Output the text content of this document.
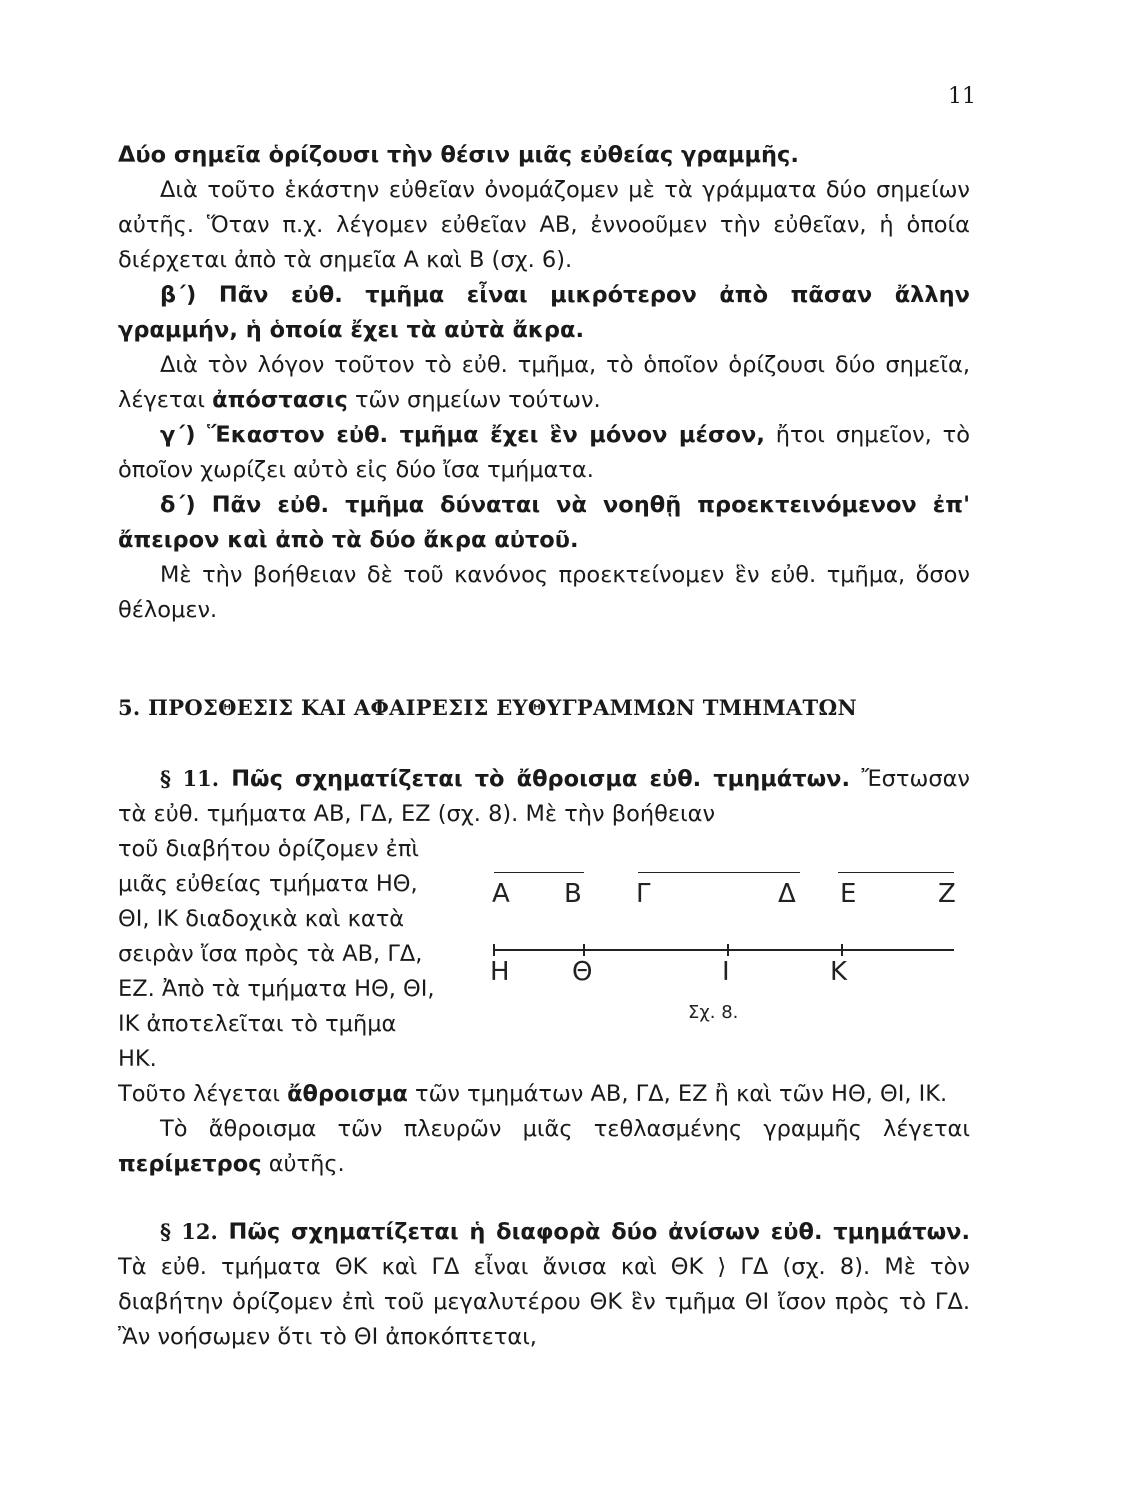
11

Δύο σημεῖα ὁρίζουσι τὴν θέσιν μιᾶς εὐθείας γραμμῆς.

Διὰ τοῦτο ἑκάστην εὐθεῖαν ὀνομάζομεν μὲ τὰ γράμματα δύο σημείων αὐτῆς. Ὅταν π.χ. λέγομεν εὐθεῖαν ΑΒ, ἐννοοῦμεν τὴν εὐθεῖαν, ἡ ὁποία διέρχεται ἀπὸ τὰ σημεῖα Α καὶ Β (σχ. 6).

β΄) Πᾶν εὐθ. τμῆμα εἶναι μικρότερον ἀπὸ πᾶσαν ἄλλην γραμμήν, ἡ ὁποία ἔχει τὰ αὐτὰ ἄκρα.

Διὰ τὸν λόγον τοῦτον τὸ εὐθ. τμῆμα, τὸ ὁποῖον ὁρίζουσι δύο σημεῖα, λέγεται ἀπόστασις τῶν σημείων τούτων.

γ΄) Ἕκαστον εὐθ. τμῆμα ἔχει ἓν μόνον μέσον, ἤτοι σημεῖον, τὸ ὁποῖον χωρίζει αὐτὸ εἰς δύο ἴσα τμήματα.

δ΄) Πᾶν εὐθ. τμῆμα δύναται νὰ νοηθῇ προεκτεινόμενον ἐπ' ἄπειρον καὶ ἀπὸ τὰ δύο ἄκρα αὐτοῦ.

Μὲ τὴν βοήθειαν δὲ τοῦ κανόνος προεκτείνομεν ἓν εὐθ. τμῆμα, ὅσον θέλομεν.

5. ΠΡΟΣΘΕΣΙΣ ΚΑΙ ΑΦΑΙΡΕΣΙΣ ΕΥΘΥΓΡΑΜΜΩΝ ΤΜΗΜΑΤΩΝ

§ 11. Πῶς σχηματίζεται τὸ ἄθροισμα εὐθ. τμημάτων. Ἔστωσαν τὰ εὐθ. τμήματα ΑΒ, ΓΔ, ΕΖ (σχ. 8). Μὲ τὴν βοήθειαν

τοῦ διαβήτου ὁρίζομεν ἐπὶ μιᾶς εὐθείας τμήματα ΗΘ, ΘΙ, ΙΚ διαδοχικὰ καὶ κατὰ σειρὰν ἴσα πρὸς τὰ ΑΒ, ΓΔ, ΕΖ. Ἀπὸ τὰ τμήματα ΗΘ, ΘΙ, ΙΚ ἀποτελεῖται τὸ τμῆμα ΗΚ.

Α Β Γ	Δ Ε	Ζ
Η Θ	Ι	Κ
Σχ. 8.

Τοῦτο λέγεται ἄθροισμα τῶν τμημάτων ΑΒ, ΓΔ, ΕΖ ἢ καὶ τῶν ΗΘ, ΘΙ, ΙΚ.

Τὸ ἄθροισμα τῶν πλευρῶν μιᾶς τεθλασμένης γραμμῆς λέγεται περίμετρος αὐτῆς.

§ 12. Πῶς σχηματίζεται ἡ διαφορὰ δύο ἀνίσων εὐθ. τμημάτων. Τὰ εὐθ. τμήματα ΘΚ καὶ ΓΔ εἶναι ἄνισα καὶ ΘΚ ⟩ ΓΔ (σχ. 8). Μὲ τὸν διαβήτην ὁρίζομεν ἐπὶ τοῦ μεγαλυτέρου ΘΚ ἓν τμῆμα ΘΙ ἴσον πρὸς τὸ ΓΔ. Ἂν νοήσωμεν ὅτι τὸ ΘΙ ἀποκόπτεται,
